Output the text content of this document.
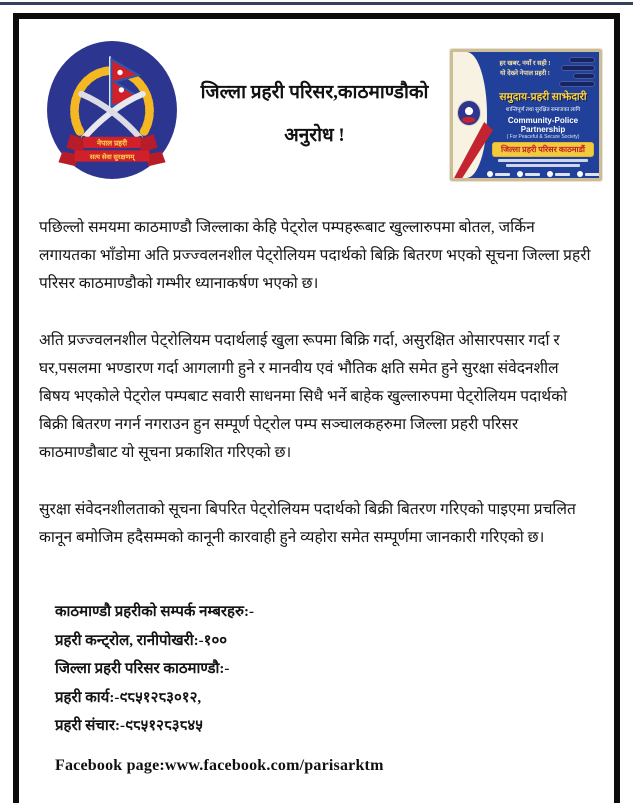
नेपाल प्रहरी
सत्य सेवा सुरक्षणम्
जिल्ला प्रहरी परिसर,काठमाण्डौको
अनुरोध !
हर खबर, नयाँ र सही !
यो देख्ने नेपाल प्रहरी !
समुदाय-प्रहरी साझेदारी
शान्तिपूर्ण तथा सुरक्षित समाजका लागि
Community-Police Partnership
( For Peaceful & Secure Society)
जिल्ला प्रहरी परिसर काठमाडौं

पछिल्लो समयमा काठमाण्डौ जिल्लाका केहि पेट्रोल पम्पहरूबाट खुल्लारुपमा बोतल, जर्किन लगायतका भाँडोमा अति प्रज्ज्वलनशील पेट्रोलियम पदार्थको बिक्रि बितरण भएको सूचना जिल्ला प्रहरी परिसर काठमाण्डौको गम्भीर ध्यानाकर्षण भएको छ।

अति प्रज्ज्वलनशील पेट्रोलियम पदार्थलाई खुला रूपमा बिक्रि गर्दा, असुरक्षित ओसारपसार गर्दा र घर,पसलमा भण्डारण गर्दा आगलागी हुने र मानवीय एवं भौतिक क्षति समेत हुने सुरक्षा संवेदनशील बिषय भएकोले पेट्रोल पम्पबाट सवारी साधनमा सिधै भर्ने बाहेक खुल्लारुपमा पेट्रोलियम पदार्थको बिक्री बितरण नगर्न नगराउन हुन सम्पूर्ण पेट्रोल पम्प सञ्चालकहरुमा जिल्ला प्रहरी परिसर काठमाण्डौबाट यो सूचना प्रकाशित गरिएको छ।

सुरक्षा संवेदनशीलताको सूचना बिपरित पेट्रोलियम पदार्थको बिक्री बितरण गरिएको पाइएमा प्रचलित कानून बमोजिम हदैसम्मको कानूनी कारवाही हुने व्यहोरा समेत सम्पूर्णमा जानकारी गरिएको छ।

काठमाण्डौ प्रहरीको सम्पर्क नम्बरहरु:-
प्रहरी कन्ट्रोल, रानीपोखरी:-१००
जिल्ला प्रहरी परिसर काठमाण्डौ:-
प्रहरी कार्य:-९८५१२८३०१२,
प्रहरी संचार:-९८५१२८३८४५
Facebook page:www.facebook.com/parisarktm
